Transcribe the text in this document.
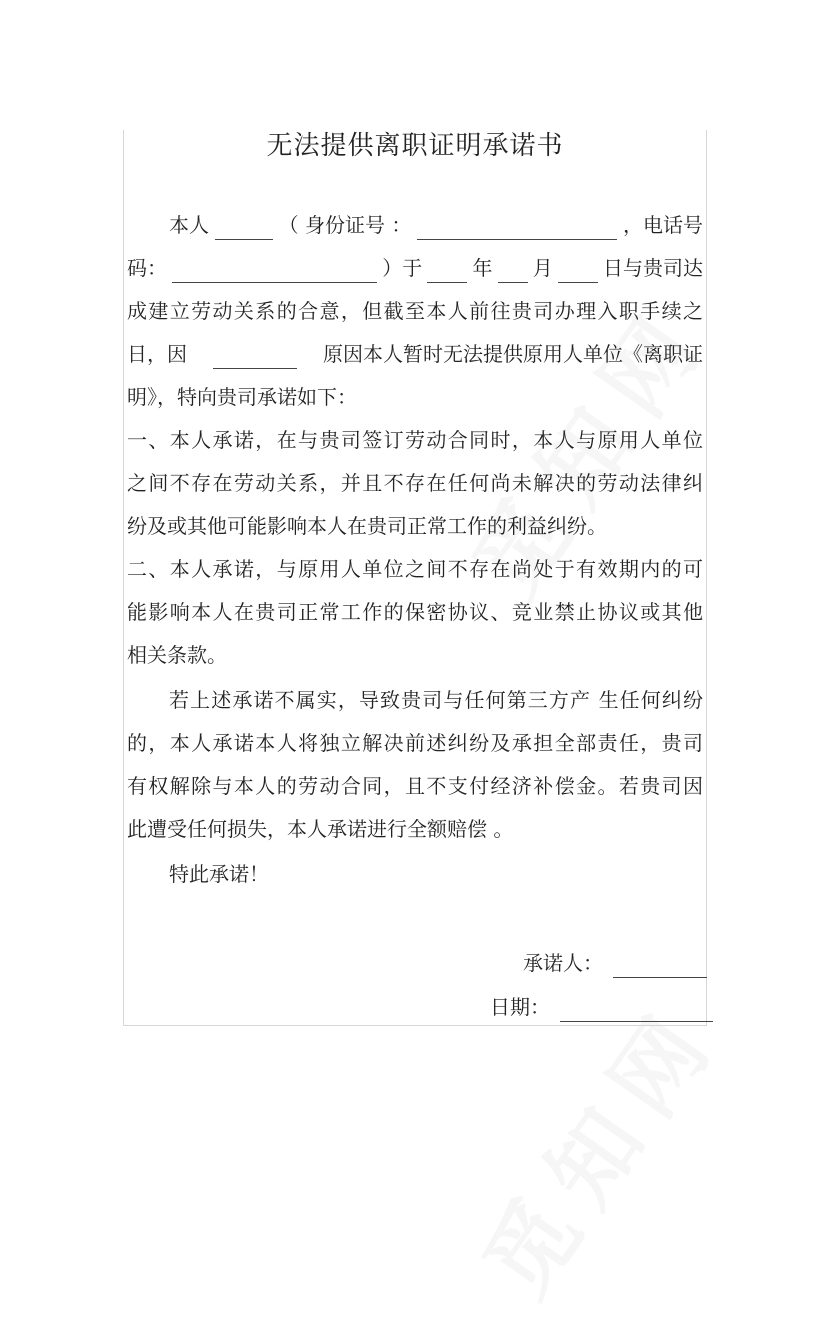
无法提供离职证明承诺书
本人	（ 身份证号 ：	，电话号
码：	）于	年 月	日与贵司达
成建立劳动关系的合意，但截至本人前往贵司办理入职手续之
日，因	原因本人暂时无法提供原用人单位《离职证
明》，特向贵司承诺如下：
一、本人承诺，在与贵司签订劳动合同时，本人与原用人单位
之间不存在劳动关系，并且不存在任何尚未解决的劳动法律纠
纷及或其他可能影响本人在贵司正常工作的利益纠纷。
二、本人承诺，与原用人单位之间不存在尚处于有效期内的可
能影响本人在贵司正常工作的保密协议、竞业禁止协议或其他
相关条款。
若上述承诺不属实，导致贵司与任何第三方产 生任何纠纷
的，本人承诺本人将独立解决前述纠纷及承担全部责任，贵司
有权解除与本人的劳动合同，且不支付经济补偿金。若贵司因
此遭受任何损失，本人承诺进行全额赔偿 。
特此承诺！
承诺人：
日期：
